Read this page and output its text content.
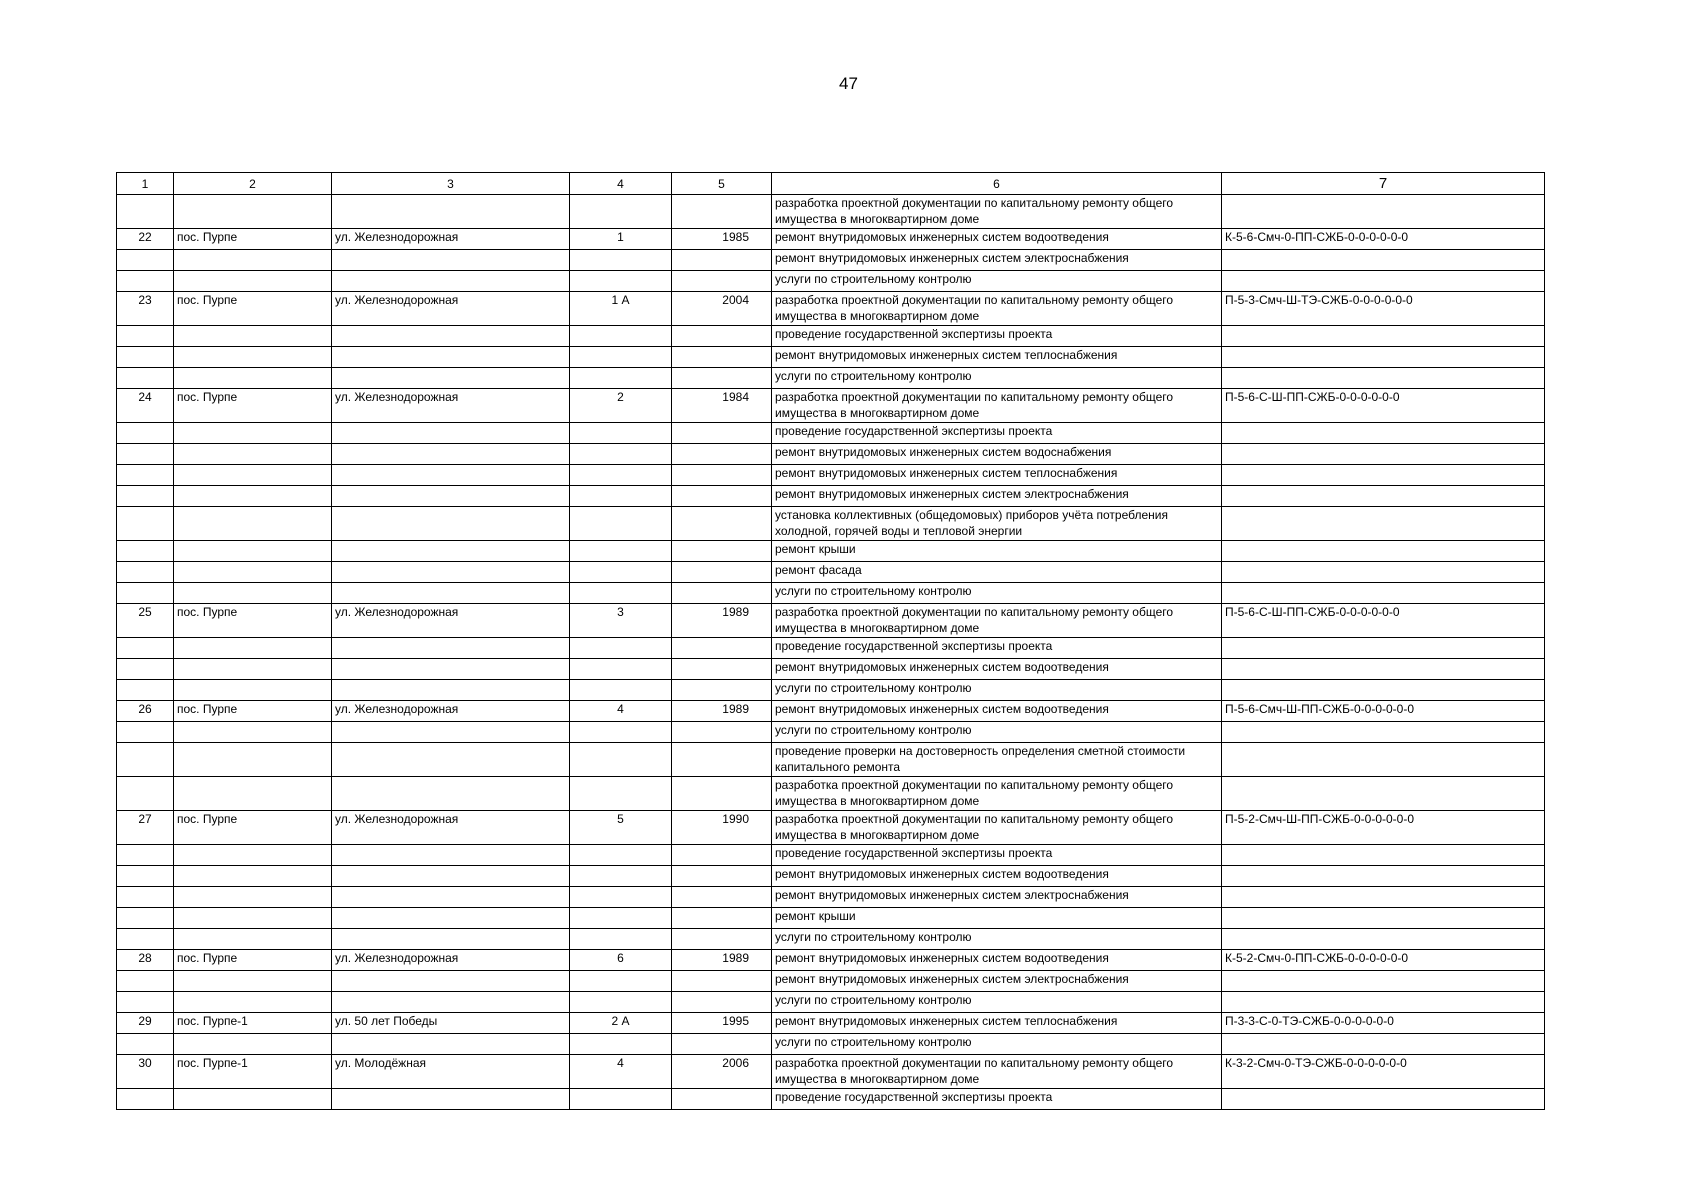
47
1	2	3	4	5	6	7
					разработка проектной документации по капитальному ремонту общего имущества в многоквартирном доме	
22	пос. Пурпе	ул. Железнодорожная	1	1985	ремонт внутридомовых инженерных систем водоотведения	К-5-6-Смч-0-ПП-СЖБ-0-0-0-0-0-0
					ремонт внутридомовых инженерных систем электроснабжения	
					услуги по строительному контролю	
23	пос. Пурпе	ул. Железнодорожная	1 А	2004	разработка проектной документации по капитальному ремонту общего имущества в многоквартирном доме	П-5-3-Смч-Ш-ТЭ-СЖБ-0-0-0-0-0-0
					проведение государственной экспертизы проекта	
					ремонт внутридомовых инженерных систем теплоснабжения	
					услуги по строительному контролю	
24	пос. Пурпе	ул. Железнодорожная	2	1984	разработка проектной документации по капитальному ремонту общего имущества в многоквартирном доме	П-5-6-С-Ш-ПП-СЖБ-0-0-0-0-0-0
					проведение государственной экспертизы проекта	
					ремонт внутридомовых инженерных систем водоснабжения	
					ремонт внутридомовых инженерных систем теплоснабжения	
					ремонт внутридомовых инженерных систем электроснабжения	
					установка коллективных (общедомовых) приборов учёта потребления холодной, горячей воды и тепловой энергии	
					ремонт крыши	
					ремонт фасада	
					услуги по строительному контролю	
25	пос. Пурпе	ул. Железнодорожная	3	1989	разработка проектной документации по капитальному ремонту общего имущества в многоквартирном доме	П-5-6-С-Ш-ПП-СЖБ-0-0-0-0-0-0
					проведение государственной экспертизы проекта	
					ремонт внутридомовых инженерных систем водоотведения	
					услуги по строительному контролю	
26	пос. Пурпе	ул. Железнодорожная	4	1989	ремонт внутридомовых инженерных систем водоотведения	П-5-6-Смч-Ш-ПП-СЖБ-0-0-0-0-0-0
					услуги по строительному контролю	
					проведение проверки на достоверность определения сметной стоимости капитального ремонта	
					разработка проектной документации по капитальному ремонту общего имущества в многоквартирном доме	
27	пос. Пурпе	ул. Железнодорожная	5	1990	разработка проектной документации по капитальному ремонту общего имущества в многоквартирном доме	П-5-2-Смч-Ш-ПП-СЖБ-0-0-0-0-0-0
					проведение государственной экспертизы проекта	
					ремонт внутридомовых инженерных систем водоотведения	
					ремонт внутридомовых инженерных систем электроснабжения	
					ремонт крыши	
					услуги по строительному контролю	
28	пос. Пурпе	ул. Железнодорожная	6	1989	ремонт внутридомовых инженерных систем водоотведения	К-5-2-Смч-0-ПП-СЖБ-0-0-0-0-0-0
					ремонт внутридомовых инженерных систем электроснабжения	
					услуги по строительному контролю	
29	пос. Пурпе-1	ул. 50 лет Победы	2 А	1995	ремонт внутридомовых инженерных систем теплоснабжения	П-3-3-С-0-ТЭ-СЖБ-0-0-0-0-0-0
					услуги по строительному контролю	
30	пос. Пурпе-1	ул. Молодёжная	4	2006	разработка проектной документации по капитальному ремонту общего имущества в многоквартирном доме	К-3-2-Смч-0-ТЭ-СЖБ-0-0-0-0-0-0
					проведение государственной экспертизы проекта	
